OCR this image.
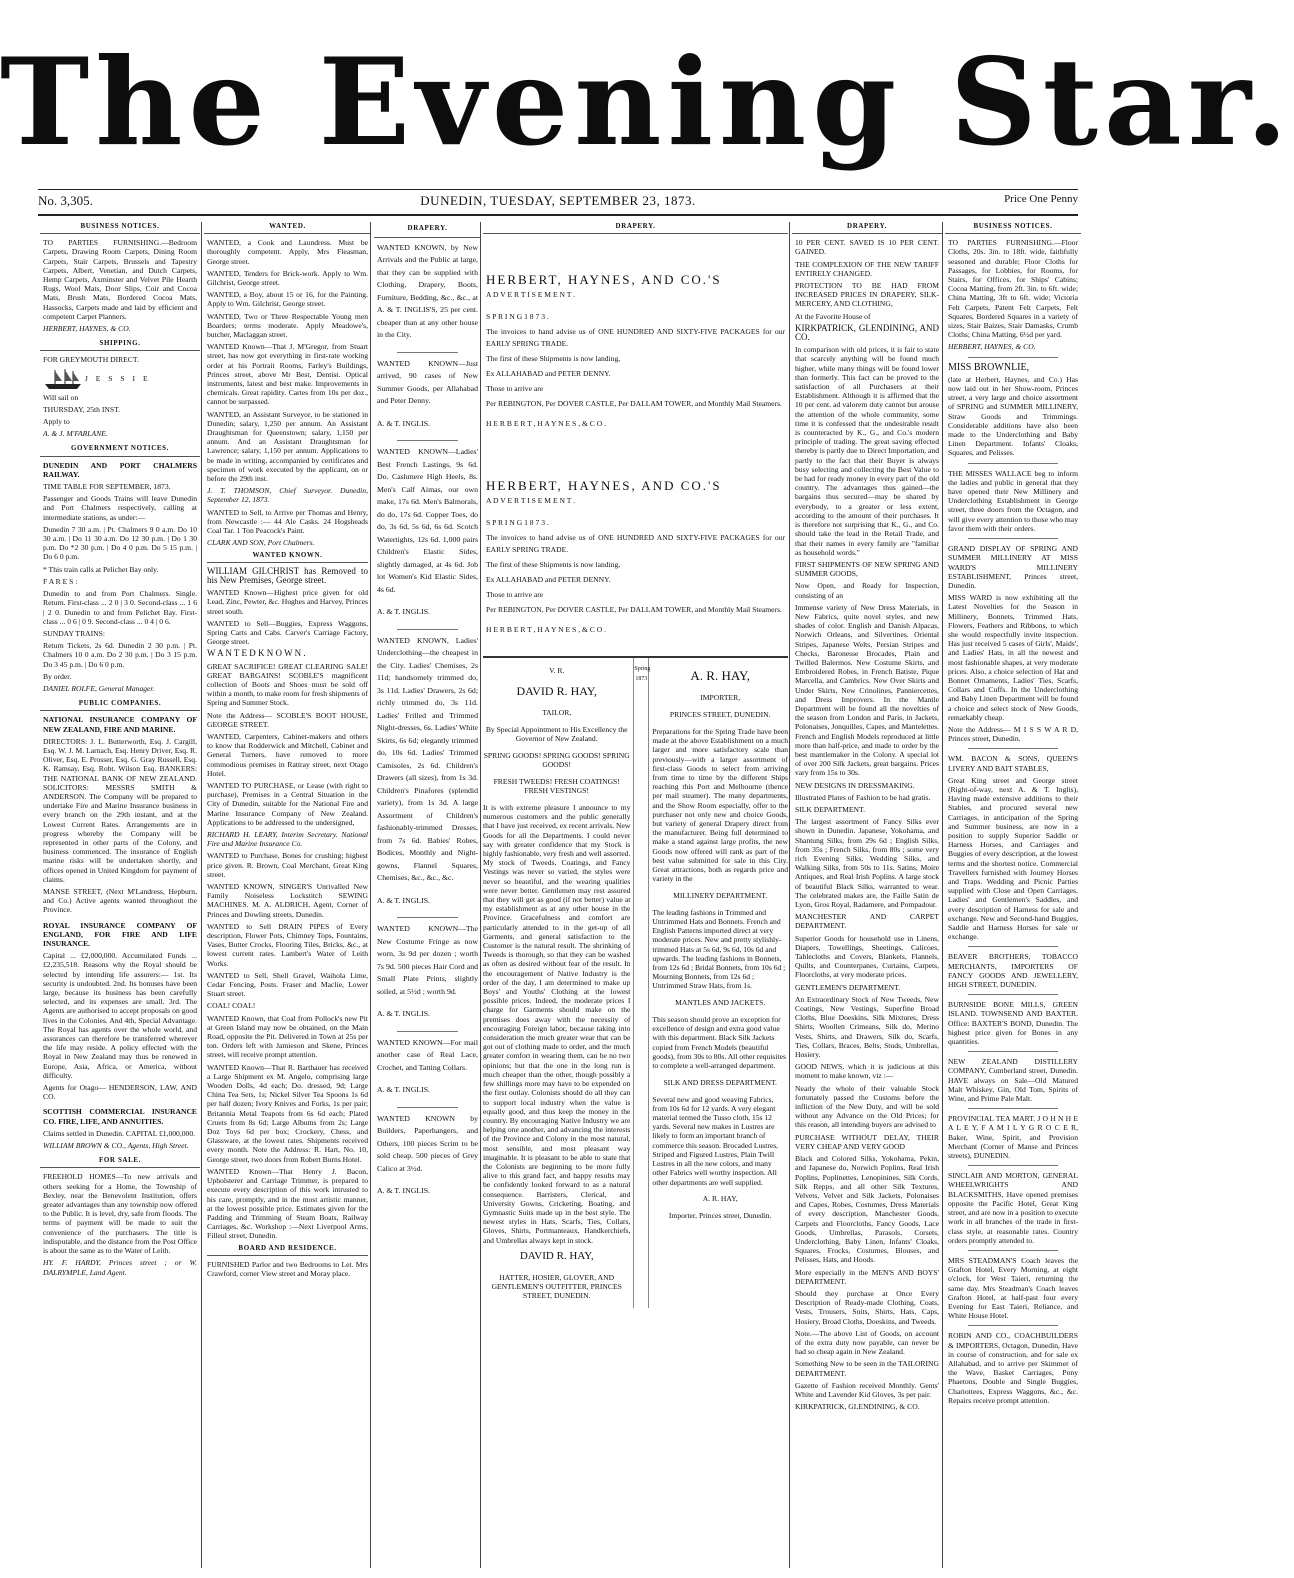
The Evening Star.
No. 3,305.	DUNEDIN, TUESDAY, SEPTEMBER 23, 1873.	Price One Penny
BUSINESS NOTICES.

TO PARTIES FURNISHING.—Bedroom Carpets, Drawing Room Carpets, Dining Room Carpets, Stair Carpets, Brussels and Tapestry Carpets, Albert, Venetian, and Dutch Carpets, Hemp Carpets, Axminster and Velvet Pile Hearth Rugs, Wool Mats, Door Slips, Coir and Cocoa Mats, Brush Mats, Bordered Cocoa Mats, Hassocks, Carpets made and laid by efficient and competent Carpet Planners.

HERBERT, HAYNES, & CO.

SHIPPING.

FOR GREYMOUTH DIRECT.

J E S S I E

Will sail on

THURSDAY, 25th INST.

Apply to

A. & J. M'FARLANE.

GOVERNMENT NOTICES.

DUNEDIN AND PORT CHALMERS RAILWAY.

TIME TABLE FOR SEPTEMBER, 1873.

Passenger and Goods Trains will leave Dunedin and Port Chalmers respectively, calling at intermediate stations, as under:—

Dunedin 7 30 a.m. | Pt. Chalmers 9 0 a.m. Do 10 30 a.m. | Do 11 30 a.m. Do 12 30 p.m. | Do 1 30 p.m. Do *2 30 p.m. | Do 4 0 p.m. Do 5 15 p.m. | Do 6 0 p.m.

* This train calls at Pelichet Bay only.

F A R E S :

Dunedin to and from Port Chalmers. Single. Return. First-class ... 2 0 | 3 0. Second-class ... 1 6 | 2 0. Dunedin to and from Pelichet Bay. First-class ... 0 6 | 0 9. Second-class ... 0 4 | 0 6.

SUNDAY TRAINS:

Return Tickets, 2s 6d. Dunedin 2 30 p.m. | Pt. Chalmers 10 0 a.m. Do 2 30 p.m. | Do 3 15 p.m. Do 3 45 p.m. | Do 6 0 p.m.

By order.

DANIEL ROLFE, General Manager.

PUBLIC COMPANIES.

NATIONAL INSURANCE COMPANY OF NEW ZEALAND, FIRE AND MARINE.

DIRECTORS: J. L. Butterworth, Esq. J. Cargill, Esq. W. J. M. Larnach, Esq. Henry Driver, Esq. R. Oliver, Esq. E. Prosser, Esq. G. Gray Russell, Esq. K. Ramsay, Esq. Robt. Wilson Esq. BANKERS: THE NATIONAL BANK OF NEW ZEALAND. SOLICITORS: MESSRS SMITH & ANDERSON. The Company will be prepared to undertake Fire and Marine Insurance business in every branch on the 29th instant, and at the Lowest Current Rates. Arrangements are in progress whereby the Company will be represented in other parts of the Colony, and business commenced. The insurance of English marine risks will be undertaken shortly, and offices opened in United Kingdom for payment of claims.

MANSE STREET, (Next M'Landress, Hepburn, and Co.) Active agents wanted throughout the Province.

ROYAL INSURANCE COMPANY OF ENGLAND, FOR FIRE AND LIFE INSURANCE.

Capital ... £2,000,000. Accumulated Funds ... £2,235,518. Reasons why the Royal should be selected by intending life assurers:— 1st. Its security is undoubted. 2nd. Its bonuses have been large, because its business has been carefully selected, and its expenses are small. 3rd. The Agents are authorised to accept proposals on good lives in the Colonies. And 4th, Special Advantage. The Royal has agents over the whole world, and assurances can therefore be transferred wherever the life may reside. A policy effected with the Royal in New Zealand may thus be renewed in Europe, Asia, Africa, or America, without difficulty.

Agents for Otago— HENDERSON, LAW, AND CO.

SCOTTISH COMMERCIAL INSURANCE CO. FIRE, LIFE, AND ANNUITIES.

Claims settled in Dunedin. CAPITAL £1,000,000.

WILLIAM BROWN & CO., Agents, High Street.

FOR SALE.

FREEHOLD HOMES—To new arrivals and others seeking for a Home, the Township of Bexley, near the Benevolent Institution, offers greater advantages than any township now offered to the Public. It is level, dry, safe from floods. The terms of payment will be made to suit the convenience of the purchasers. The title is indisputable, and the distance from the Post Office is about the same as to the Water of Leith.

HY. F. HARDY, Princes street ; or W. DALRYMPLE, Land Agent.

WANTED.

WANTED, a Cook and Laundress. Must be thoroughly competent. Apply, Mrs Fleasman, George street.

WANTED, Tenders for Brick-work. Apply to Wm. Gilchrist, George street.

WANTED, a Boy, about 15 or 16, for the Painting. Apply to Wm. Gilchrist, George street.

WANTED, Two or Three Respectable Young men Boarders; terms moderate. Apply Meadowe's, butcher, Maclaggan street.

WANTED Known—That J. M'Gregor, from Stuart street, has now got everything in first-rate working order at his Portrait Rooms, Farley's Buildings, Princes street, above Mr Best, Dentist. Optical instruments, latest and best make. Improvements in chemicals. Great rapidity. Cartes from 10s per doz., cannot be surpassed.

WANTED, an Assistant Surveyor, to be stationed in Dunedin; salary, 1,250 per annum. An Assistant Draughtsman for Queenstown; salary, 1,150 per annum. And an Assistant Draughtsman for Lawrence; salary, 1,150 per annum. Applications to be made in writing, accompanied by certificates and specimen of work executed by the applicant, on or before the 29th inst.

J. T. THOMSON, Chief Surveyor. Dunedin, September 12, 1873.

WANTED to Sell, to Arrive per Thomas and Henry, from Newcastle :— 44 Ale Casks. 24 Hogsheads Coal Tar. 1 Ton Peacock's Paint.

CLARK AND SON, Port Chalmers.

WANTED KNOWN.

WILLIAM GILCHRIST has Removed to his New Premises, George street.

WANTED Known—Highest price given for old Lead, Zinc, Pewter, &c. Hughes and Harvey, Princes street south.

WANTED to Sell—Buggies, Express Waggons, Spring Carts and Cabs. Carver's Carriage Factory, George street.

W A N T E D K N O W N .

GREAT SACRIFICE! GREAT CLEARING SALE! GREAT BARGAINS! SCOBLE'S magnificent collection of Boots and Shoes must be sold off within a month, to make room for fresh shipments of Spring and Summer Stock.

Note the Address— SCOBLE'S BOOT HOUSE, GEORGE STREET.

WANTED, Carpenters, Cabinet-makers and others to know that Rodderwick and Mitchell, Cabinet and General Turners, have removed to more commodious premises in Rattray street, next Otago Hotel.

WANTED TO PURCHASE, or Lease (with right to purchase), Premises in a Central Situation in the City of Dunedin, suitable for the National Fire and Marine Insurance Company of New Zealand. Applications to be addressed to the undersigned,

RICHARD H. LEARY, Interim Secretary. National Fire and Marine Insurance Co.

WANTED to Purchase, Bones for crushing; highest price given. R. Brown, Coal Merchant, Great King street.

WANTED KNOWN, SINGER'S Unrivalled New Family Noiseless Lockstitch SEWING MACHINES. M. A. ALDRICH, Agent, Corner of Princes and Dowling streets, Dunedin.

WANTED to Sell DRAIN PIPES of Every description, Flower Pots, Chimney Tops, Fountains, Vases, Butter Crocks, Flooring Tiles, Bricks, &c., at lowest current rates. Lambert's Water of Leith Works.

WANTED to Sell, Shell Gravel, Waihola Lime, Cedar Fencing, Posts. Fraser and Maclie, Lower Stuart street.

COAL! COAL!

WANTED Known, that Coal from Pollock's new Pit at Green Island may now be obtained, on the Main Road, opposite the Pit. Delivered in Town at 25s per ton. Orders left with Jamieson and Skene, Princes street, will receive prompt attention.

WANTED Known—That R. Barthauer has received a Large Shipment ex M. Angelo, comprising large Wooden Dolls, 4d each; Do. dressed, 9d; Large China Tea Sets, 1s; Nickel Silver Tea Spoons 1s 6d per half dozen; Ivory Knives and Forks, 1s per pair; Britannia Metal Teapots from 6s 6d each; Plated Cruets from 8s 6d; Large Albums from 2s; Large Doz Toys 6d per box; Crockery, Chess, and Glassware, at the lowest rates. Shipments received every month. Note the Address: R. Hart, No. 10, George street, two doors from Robert Burns Hotel.

WANTED Known—That Henry J. Bacon, Upholsterer and Carriage Trimmer, is prepared to execute every description of this work intrusted to his care, promptly, and in the most artistic manner, at the lowest possible price. Estimates given for the Padding and Trimming of Steam Boats, Railway Carriages, &c. Workshop :—Next Liverpool Arms, Filleul street, Dunedin.

BOARD AND RESIDENCE.

FURNISHED Parlor and two Bedrooms to Let. Mrs Crawford, corner View street and Moray place.

DRAPERY.

WANTED KNOWN, by New Arrivals and the Public at large, that they can be supplied with Clothing, Drapery, Boots, Furniture, Bedding, &c., &c., at A. & T. INGLIS'S, 25 per cent. cheaper than at any other house in the City.

WANTED KNOWN—Just arrived, 90 cases of New Summer Goods, per Allahabad and Peter Denny.

A. & T. INGLIS.

WANTED KNOWN—Ladies' Best French Lastings, 9s 6d. Do. Cashmere High Heels, 8s. Men's Calf Aimas, our own make, 17s 6d. Men's Balmorals, do do, 17s 6d. Copper Toes, do do, 3s 6d, 5s 6d, 6s 6d. Scotch Watertights, 12s 6d. 1,000 pairs Children's Elastic Sides, slightly damaged, at 4s 6d. Job lot Women's Kid Elastic Sides, 4s 6d.

A. & T. INGLIS.

WANTED KNOWN, Ladies' Underclothing—the cheapest in the City. Ladies' Chemises, 2s 11d; handsomely trimmed do, 3s 11d. Ladies' Drawers, 2s 6d; richly trimmed do, 3s 11d. Ladies' Frilled and Trimmed Night-dresses, 6s. Ladies' White Skirts, 6s 6d; elegantly trimmed do, 10s 6d. Ladies' Trimmed Camisoles, 2s 6d. Children's Drawers (all sizes), from 1s 3d. Children's Pinafores (splendid variety), from 1s 3d. A large Assortment of Children's fashionably-trimmed Dresses, from 7s 6d. Babies' Robes, Bodices, Monthly and Night-gowns, Flannel Squares, Chemises, &c., &c., &c.

A. & T. INGLIS.

WANTED KNOWN—The New Costume Fringe as now worn, 3s 9d per dozen ; worth 7s 9d. 500 pieces Hair Cord and Small Plate Prints, slightly soiled, at 5½d ; worth 9d.

A. & T. INGLIS.

WANTED KNOWN—For mail another case of Real Lace, Crochet, and Tatting Collars.

A. & T. INGLIS.

WANTED KNOWN by Builders, Paperhangers, and Others, 100 pieces Scrim to be sold cheap. 500 pieces of Grey Calico at 3½d.

A. & T. INGLIS.

DRAPERY.

HERBERT, HAYNES, AND CO.'S

A D V E R T I S E M E N T .

S P R I N G 1 8 7 3 .

The invoices to hand advise us of ONE HUNDRED AND SIXTY-FIVE PACKAGES for our EARLY SPRING TRADE.

The first of these Shipments is now landing,

Ex ALLAHABAD and PETER DENNY.

Those to arrive are

Per REBINGTON, Per DOVER CASTLE, Per DALLAM TOWER, and Monthly Mail Steamers.

H E R B E R T , H A Y N E S , & C O .

HERBERT, HAYNES, AND CO.'S

A D V E R T I S E M E N T .

S P R I N G 1 8 7 3 .

The invoices to hand advise us of ONE HUNDRED AND SIXTY-FIVE PACKAGES for our EARLY SPRING TRADE.

The first of these Shipments is now landing,

Ex ALLAHABAD and PETER DENNY.

Those to arrive are

Per REBINGTON, Per DOVER CASTLE, Per DALLAM TOWER, and Monthly Mail Steamers.

H E R B E R T , H A Y N E S , & C O .

V. R.

DAVID R. HAY,

TAILOR,

By Special Appointment to His Excellency the Governor of New Zealand.

SPRING GOODS! SPRING GOODS! SPRING GOODS!

FRESH TWEEDS! FRESH COATINGS! FRESH VESTINGS!

It is with extreme pleasure I announce to my numerous customers and the public generally that I have just received, ex recent arrivals, New Goods for all the Departments. I could never say with greater confidence that my Stock is highly fashionable, very fresh and well assorted. My stock of Tweeds, Coatings, and Fancy Vestings was never so varied, the styles were never so beautiful, and the wearing qualities were never better. Gentlemen may rest assured that they will get as good (if not better) value at my establishment as at any other house in the Province. Gracefulness and comfort are particularly attended to in the get-up of all Garments, and general satisfaction to the Customer is the natural result. The shrinking of Tweeds is thorough, so that they can be washed as often as desired without fear of the result. In the encouragement of Native Industry is the order of the day, I am determined to make up Boys' and Youths' Clothing at the lowest possible prices. Indeed, the moderate prices I charge for Garments should make on the premises does away with the necessity of encouraging Foreign labor, because taking into consideration the much greater wear that can be got out of clothing made to order, and the much greater comfort in wearing them, can be no two opinions; but that the one in the long run is much cheaper than the other, though possibly a few shillings more may have to be expended on the first outlay. Colonists should do all they can to support local industry when the value is equally good, and thus keep the money in the country. By encouraging Native Industry we are helping one another, and advancing the interests of the Province and Colony in the most natural, most sensible, and most pleasant way imaginable. It is pleasant to be able to state that the Colonists are beginning to be more fully alive to this grand fact, and happy results may be confidently looked forward to as a natural consequence. Barristers, Clerical, and University Gowns, Cricketing, Boating, and Gymnastic Suits made up in the best style. The newest styles in Hats, Scarfs, Ties, Collars, Gloves, Shirts, Portmanteaux, Handkerchiefs, and Umbrellas always kept in stock.

DAVID R. HAY,

HATTER, HOSIER, GLOVER, AND GENTLEMEN'S OUTFITTER, PRINCES STREET, DUNEDIN.

Spring 1873	A. R. HAY,

IMPORTER,

PRINCES STREET, DUNEDIN.

Preparations for the Spring Trade have been made at the above Establishment on a much larger and more satisfactory scale than previously—with a larger assortment of first-class Goods to select from arriving from time to time by the different Ships reaching this Port and Melbourne (thence per mail steamer). The many departments, and the Show Room especially, offer to the purchaser not only new and choice Goods, but variety of general Drapery direct from the manufacturer. Being full determined to make a stand against large profits, the new Goods now offered will rank as part of the best value submitted for sale in this City. Great attractions, both as regards price and variety in the

MILLINERY DEPARTMENT.

The leading fashions in Trimmed and Untrimmed Hats and Bonnets. French and English Patterns imported direct at very moderate prices. New and pretty stylishly-trimmed Hats at 5s 6d, 9s 6d, 10s 6d and upwards. The leading fashions in Bonnets, from 12s 6d ; Bridal Bonnets, from 10s 6d ; Mourning Bonnets, from 12s 6d ; Untrimmed Straw Hats, from 1s.

MANTLES AND JACKETS.

This season should prove an exception for excellence of design and extra good value with this department. Black Silk Jackets copied from French Models (beautiful goods), from 30s to 80s. All other requisites to complete a well-arranged department.

SILK AND DRESS DEPARTMENT.

Several new and good weaving Fabrics, from 10s 6d for 12 yards. A very elegant material termed the Tusso cloth, 15s 12 yards. Several new makes in Lustres are likely to form an important branch of commerce this season. Brocaded Lustres, Striped and Figured Lustres, Plain Twill Lustres in all the new colors, and many other Fabrics well worthy inspection. All other departments are well supplied.

A. R. HAY,

Importer, Princes street, Dunedin.

DRAPERY.

10 PER CENT. SAVED IS 10 PER CENT. GAINED.

THE COMPLEXION OF THE NEW TARIFF ENTIRELY CHANGED.

PROTECTION TO BE HAD FROM INCREASED PRICES IN DRAPERY, SILK-MERCERY, AND CLOTHING,

At the Favorite House of

KIRKPATRICK, GLENDINING, AND CO.

In comparison with old prices, it is fair to state that scarcely anything will be found much higher, while many things will be found lower than formerly. This fact can be proved to the satisfaction of all Purchasers at their Establishment. Although it is affirmed that the 10 per cent. ad valorem duty cannot but arouse the attention of the whole community, some time it is confessed that the undesirable result is counteracted by K., G., and Co.'s modern principle of trading. The great saving effected thereby is partly due to Direct Importation, and partly to the fact that their Buyer is always busy selecting and collecting the Best Value to be had for ready money in every part of the old country. The advantages thus gained—the bargains thus secured—may be shared by everybody, to a greater or less extent, according to the amount of their purchases. It is therefore not surprising that K., G., and Co. should take the lead in the Retail Trade, and that their names in every family are "familiar as household words."

FIRST SHIPMENTS OF NEW SPRING AND SUMMER GOODS,

Now Open, and Ready for Inspection, consisting of an

Immense variety of New Dress Materials, in New Fabrics, quite novel styles, and new shades of color. English and Danish Alpacas, Norwich Orleans, and Silvertines. Oriental Stripes, Japanese Welts, Persian Stripes and Checks, Baronesse Brocades, Plain and Twilled Balermos. New Costume Skirts, and Embroidered Robes, in French Batiste, Pique Marcella, and Cambrics. New Over Skirts and Under Skirts, New Crinolines, Panniercettes, and Dress Improvers. In the Mantle Department will be found all the novelties of the season from London and Paris, in Jackets, Polonaises, Jonquilles, Capes, and Mantelettes. French and English Models reproduced at little more than half-price, and made to order by the best mantlemaker in the Colony. A special lot of over 200 Silk Jackets, great bargains. Prices vary from 15s to 30s.

NEW DESIGNS IN DRESSMAKING.

Illustrated Plates of Fashion to be had gratis.

SILK DEPARTMENT.

The largest assortment of Fancy Silks ever shown in Dunedin. Japanese, Yokohama, and Shantung Silks, from 29s 6d ; English Silks, from 35s ; French Silks, from 80s ; some very rich Evening Silks, Wedding Silks, and Walking Silks, from 50s to 11s. Satins, Moire Antiques, and Real Irish Poplins. A large stock of beautiful Black Silks, warranted to wear. The celebrated makes are, the Faille Satin de Lyon, Gros Royal, Radamere, and Pompadour.

MANCHESTER AND CARPET DEPARTMENT.

Superior Goods for household use in Linens, Diapers, Towellings, Sheetings, Calicoes, Tablecloths and Covers, Blankets, Flannels, Quilts, and Counterpanes, Curtains, Carpets, Floorcloths, at very moderate prices.

GENTLEMEN'S DEPARTMENT.

An Extraordinary Stock of New Tweeds, New Coatings, New Vestings, Superfine Broad Cloths, Blue Doeskins, Silk Mixtures, Dress Shirts, Woollen Crimeans, Silk do, Merino Vests, Shirts, and Drawers, Silk do, Scarfs, Ties, Collars, Braces, Belts, Studs, Umbrellas, Hosiery.

GOOD NEWS, which it is judicious at this moment to make known, viz :—

Nearly the whole of their valuable Stock fortunately passed the Customs before the infliction of the New Duty, and will be sold without any Advance on the Old Prices; for this reason, all intending buyers are advised to

PURCHASE WITHOUT DELAY, THEIR VERY CHEAP AND VERY GOOD

Black and Colored Silks, Yokohama, Pekin, and Japanese do, Norwich Poplins, Real Irish Poplins, Poplinettes, Lenopinines, Silk Cords, Silk Repps, and all other Silk Textures, Velvets, Velvet and Silk Jackets, Polonaises and Capes, Robes, Costumes, Dress Materials of every description, Manchester Goods, Carpets and Floorcloths, Fancy Goods, Lace Goods, Umbrellas, Parasols, Corsets, Underclothing, Baby Linen, Infants' Cloaks, Squares, Frocks, Costumes, Blouses, and Pelisses, Hats, and Hoods.

More especially in the MEN'S AND BOYS' DEPARTMENT.

Should they purchase at Once Every Description of Ready-made Clothing, Coats, Vests, Trousers, Suits, Shirts, Hats, Caps, Hosiery, Broad Cloths, Doeskins, and Tweeds.

Note.—The above List of Goods, on account of the extra duty now payable, can never be had so cheap again in New Zealand.

Something New to be seen in the TAILORING DEPARTMENT.

Gazette of Fashion received Monthly. Gents' White and Lavender Kid Gloves, 3s per pair.

KIRKPATRICK, GLENDINING, & CO.

BUSINESS NOTICES.

TO PARTIES FURNISHING.—Floor Cloths, 20s. 3in. to 18ft. wide, faithfully seasoned and durable; Floor Cloths for Passages, for Lobbies, for Rooms, for Stairs, for Offices, for Ships' Cabins; Cocoa Matting, from 2ft. 3in. to 6ft. wide; China Matting, 3ft to 6ft. wide; Victoria Felt Carpets, Patent Felt Carpets, Felt Squares, Bordered Squares in a variety of sizes, Stair Baizes, Stair Damasks, Crumb Cloths; China Matting, 6½d per yard.

HERBERT, HAYNES, & CO.

MISS BROWNLIE,

(late at Herbert, Haynes, and Co.) Has now laid out in her Show-room, Princes street, a very large and choice assortment of SPRING and SUMMER MILLINERY, Straw Goods and Trimmings. Considerable additions have also been made to the Underclothing and Baby Linen Department. Infants' Cloaks, Squares, and Pelisses.

THE MISSES WALLACE beg to inform the ladies and public in general that they have opened their New Millinery and Underclothing Establishment in George street, three doors from the Octagon, and will give every attention to those who may favor them with their orders.

GRAND DISPLAY OF SPRING AND SUMMER MILLINERY AT MISS WARD'S MILLINERY ESTABLISHMENT, Princes street, Dunedin.

MISS WARD is now exhibiting all the Latest Novelties for the Season in Millinery, Bonnets, Trimmed Hats, Flowers, Feathers and Ribbons, to which she would respectfully invite inspection. Has just received 5 cases of Girls', Maids', and Ladies' Hats, in all the newest and most fashionable shapes, at very moderate prices. Also, a choice selection of Hat and Bonnet Ornaments, Ladies' Ties, Scarfs, Collars and Cuffs. In the Underclothing and Baby Linen Department will be found a choice and select stock of New Goods, remarkably cheap.

Note the Address— M I S S W A R D, Princes street, Dunedin.

WM. BACON & SONS, QUEEN'S LIVERY AND BAIT STABLES,

Great King street and George street (Right-of-way, next A. & T. Inglis), Having made extensive additions to their Stables, and procured several new Carriages, in anticipation of the Spring and Summer business, are now in a position to supply Superior Saddle or Harness Horses, and Carriages and Buggies of every description, at the lowest terms and the shortest notice. Commercial Travellers furnished with Journey Horses and Traps. Wedding and Picnic Parties supplied with Close and Open Carriages. Ladies' and Gentlemen's Saddles, and every description of Harness for sale and exchange. New and Second-hand Buggies, Saddle and Harness Horses for sale or exchange.

BEAVER BROTHERS, TOBACCO MERCHANTS, IMPORTERS OF FANCY GOODS AND JEWELLERY, HIGH STREET, DUNEDIN.

BURNSIDE BONE MILLS, GREEN ISLAND. TOWNSEND AND BAXTER. Office: BAXTER'S BOND, Dunedin. The highest price given for Bones in any quantities.

NEW ZEALAND DISTILLERY COMPANY, Cumberland street, Dunedin. HAVE always on Sale—Old Matured Malt Whiskey, Gin, Old Tom, Spirits of Wine, and Prime Pale Malt.

PROVINCIAL TEA MART. J O H N H E A L E Y, F A M I L Y G R O C E R, Baker, Wine, Spirit, and Provision Merchant (Corner of Manse and Princes streets), DUNEDIN.

SINCLAIR AND MORTON, GENERAL WHEELWRIGHTS AND BLACKSMITHS, Have opened premises opposite the Pacific Hotel, Great King street, and are now in a position to execute work in all branches of the trade in first-class style, at reasonable rates. Country orders promptly attended to.

MRS STEADMAN'S Coach leaves the Grafton Hotel, Every Morning, at eight o'clock, for West Taieri, returning the same day. Mrs Steadman's Coach leaves Grafton Hotel, at half-past four every Evening for East Taieri, Reliance, and White House Hotel.

ROBIN AND CO., COACHBUILDERS & IMPORTERS, Octagon, Dunedin, Have in course of construction, and for sale ex Allahabad, and to arrive per Skimmer of the Wave, Basket Carriages, Pony Phaetons, Double and Single Buggies, Chariottees, Express Waggons, &c., &c. Repairs receive prompt attention.
